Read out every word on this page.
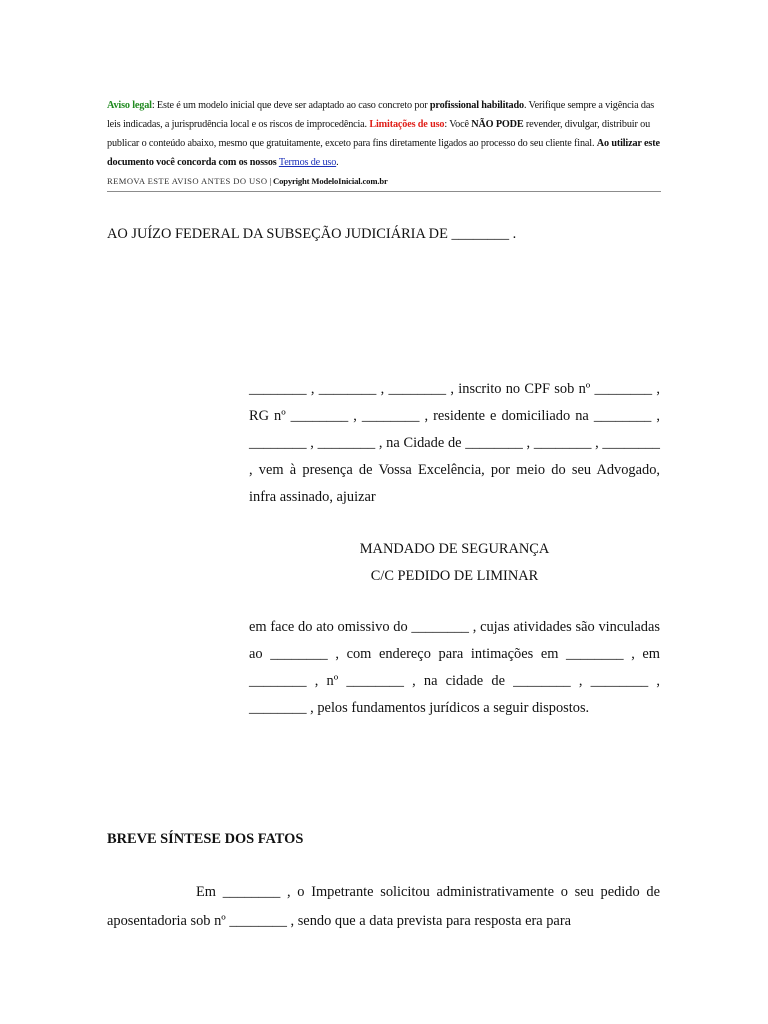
Aviso legal: Este é um modelo inicial que deve ser adaptado ao caso concreto por profissional habilitado. Verifique sempre a vigência das leis indicadas, a jurisprudência local e os riscos de improcedência. Limitações de uso: Você NÃO PODE revender, divulgar, distribuir ou publicar o conteúdo abaixo, mesmo que gratuitamente, exceto para fins diretamente ligados ao processo do seu cliente final. Ao utilizar este documento você concorda com os nossos Termos de uso.

REMOVA ESTE AVISO ANTES DO USO | Copyright ModeloInicial.com.br

AO JUÍZO FEDERAL DA SUBSEÇÃO JUDICIÁRIA DE ________ .

________ , ________ , ________ , inscrito no CPF sob nº ________ , RG nº ________ , ________ , residente e domiciliado na ________ , ________ , ________ , na Cidade de ________ , ________ , ________ , vem à presença de Vossa Excelência, por meio do seu Advogado, infra assinado, ajuizar

MANDADO DE SEGURANÇA

C/C PEDIDO DE LIMINAR

em face do ato omissivo do ________ , cujas atividades são vinculadas ao ________ , com endereço para intimações em ________ , em ________ , nº ________ , na cidade de ________ , ________ , ________ , pelos fundamentos jurídicos a seguir dispostos.

BREVE SÍNTESE DOS FATOS

Em ________ , o Impetrante solicitou administrativamente o seu pedido de aposentadoria sob nº ________ , sendo que a data prevista para resposta era para
